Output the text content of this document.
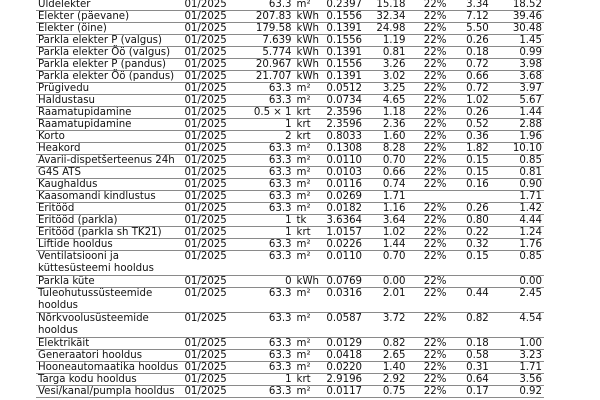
Üldelekter	01/2025	63.3	m²	0.2397	15.18	22%	3.34	18.52
Elekter (päevane)	01/2025	207.83	kWh	0.1556	32.34	22%	7.12	39.46
Elekter (öine)	01/2025	179.58	kWh	0.1391	24.98	22%	5.50	30.48
Parkla elekter P (valgus)	01/2025	7.639	kWh	0.1556	1.19	22%	0.26	1.45
Parkla elekter Öö (valgus)	01/2025	5.774	kWh	0.1391	0.81	22%	0.18	0.99
Parkla elekter P (pandus)	01/2025	20.967	kWh	0.1556	3.26	22%	0.72	3.98
Parkla elekter Öö (pandus)	01/2025	21.707	kWh	0.1391	3.02	22%	0.66	3.68
Prügivedu	01/2025	63.3	m²	0.0512	3.25	22%	0.72	3.97
Haldustasu	01/2025	63.3	m²	0.0734	4.65	22%	1.02	5.67
Raamatupidamine	01/2025	0.5 × 1	krt	2.3596	1.18	22%	0.26	1.44
Raamatupidamine	01/2025	1	krt	2.3596	2.36	22%	0.52	2.88
Korto	01/2025	2	krt	0.8033	1.60	22%	0.36	1.96
Heakord	01/2025	63.3	m²	0.1308	8.28	22%	1.82	10.10
Avarii-dispetšerteenus 24h	01/2025	63.3	m²	0.0110	0.70	22%	0.15	0.85
G4S ATS	01/2025	63.3	m²	0.0103	0.66	22%	0.15	0.81
Kaughaldus	01/2025	63.3	m²	0.0116	0.74	22%	0.16	0.90
Kaasomandi kindlustus	01/2025	63.3	m²	0.0269	1.71			1.71
Eritööd	01/2025	63.3	m²	0.0182	1.16	22%	0.26	1.42
Eritööd (parkla)	01/2025	1	tk	3.6364	3.64	22%	0.80	4.44
Eritööd (parkla sh TK21)	01/2025	1	krt	1.0157	1.02	22%	0.22	1.24
Liftide hooldus	01/2025	63.3	m²	0.0226	1.44	22%	0.32	1.76
Ventilatsiooni ja küttesüsteemi hooldus	01/2025	63.3	m²	0.0110	0.70	22%	0.15	0.85
Parkla küte	01/2025	0	kWh	0.0769	0.00	22%		0.00
Tuleohutussüsteemide hooldus	01/2025	63.3	m²	0.0316	2.01	22%	0.44	2.45
Nõrkvoolusüsteemide hooldus	01/2025	63.3	m²	0.0587	3.72	22%	0.82	4.54
Elektrikäit	01/2025	63.3	m²	0.0129	0.82	22%	0.18	1.00
Generaatori hooldus	01/2025	63.3	m²	0.0418	2.65	22%	0.58	3.23
Hooneautomaatika hooldus	01/2025	63.3	m²	0.0220	1.40	22%	0.31	1.71
Targa kodu hooldus	01/2025	1	krt	2.9196	2.92	22%	0.64	3.56
Vesi/kanal/pumpla hooldus	01/2025	63.3	m²	0.0117	0.75	22%	0.17	0.92
